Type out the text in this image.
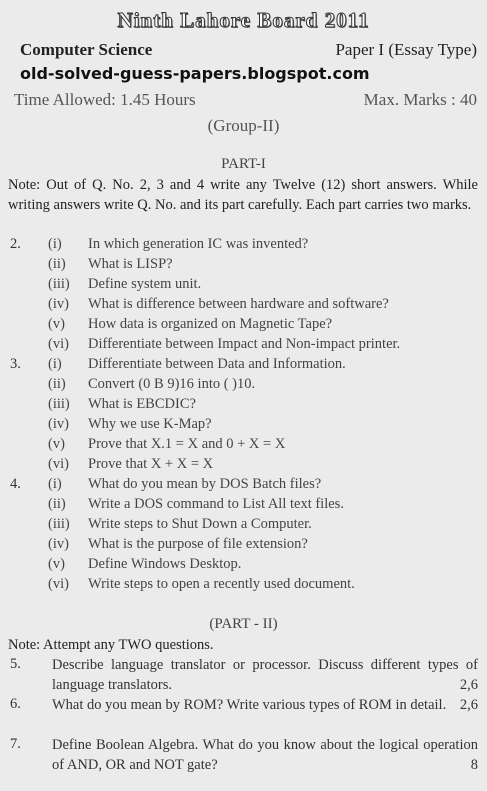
Ninth Lahore Board 2011
Computer Science	Paper I (Essay Type)
old-solved-guess-papers.blogspot.com
Time Allowed: 1.45 Hours	Max. Marks : 40
(Group-II)
PART-I
Note: Out of Q. No. 2, 3 and 4 write any Twelve (12) short answers. While writing answers write Q. No. and its part carefully. Each part carries two marks.
2. (i) In which generation IC was invented?
(ii) What is LISP?
(iii) Define system unit.
(iv) What is difference between hardware and software?
(v) How data is organized on Magnetic Tape?
(vi) Differentiate between Impact and Non-impact printer.
3. (i) Differentiate between Data and Information.
(ii) Convert (0 B 9)16 into ( )10.
(iii) What is EBCDIC?
(iv) Why we use K-Map?
(v) Prove that X.1 = X and 0 + X = X
(vi) Prove that X + X = X
4. (i) What do you mean by DOS Batch files?
(ii) Write a DOS command to List All text files.
(iii) Write steps to Shut Down a Computer.
(iv) What is the purpose of file extension?
(v) Define Windows Desktop.
(vi) Write steps to open a recently used document.
(PART - II)
Note: Attempt any TWO questions.
5. Describe language translator or processor. Discuss different types of language translators.	2,6
6. What do you mean by ROM? Write various types of ROM in detail. 2,6
7. Define Boolean Algebra. What do you know about the logical operation of AND, OR and NOT gate?	8
